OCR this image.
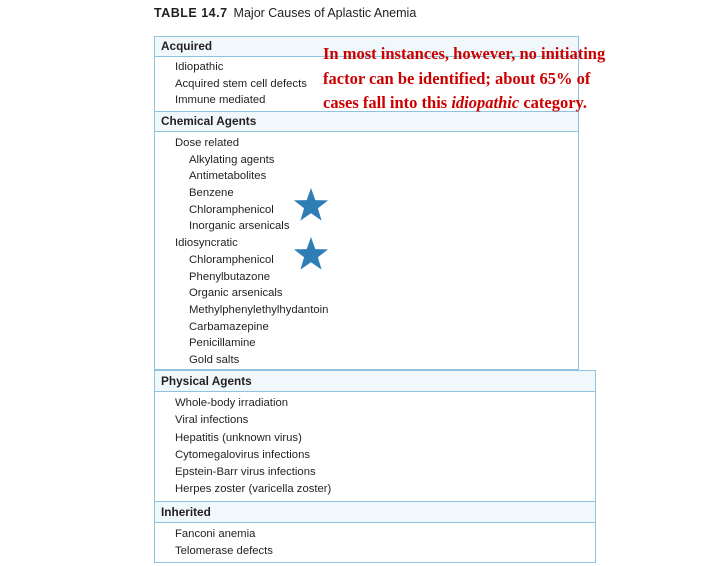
TABLE 14.7 Major Causes of Aplastic Anemia
Acquired
Idiopathic
Acquired stem cell defects
Immune mediated
Chemical Agents
Dose related
Alkylating agents
Antimetabolites
Benzene
Chloramphenicol
Inorganic arsenicals
Idiosyncratic
Chloramphenicol
Phenylbutazone
Organic arsenicals
Methylphenylethylhydantoin
Carbamazepine
Penicillamine
Gold salts
Physical Agents
Whole-body irradiation
Viral infections
Hepatitis (unknown virus)
Cytomegalovirus infections
Epstein-Barr virus infections
Herpes zoster (varicella zoster)
Inherited
Fanconi anemia
Telomerase defects
In most instances, however, no initiating factor can be identified; about 65% of cases fall into this idiopathic category.
